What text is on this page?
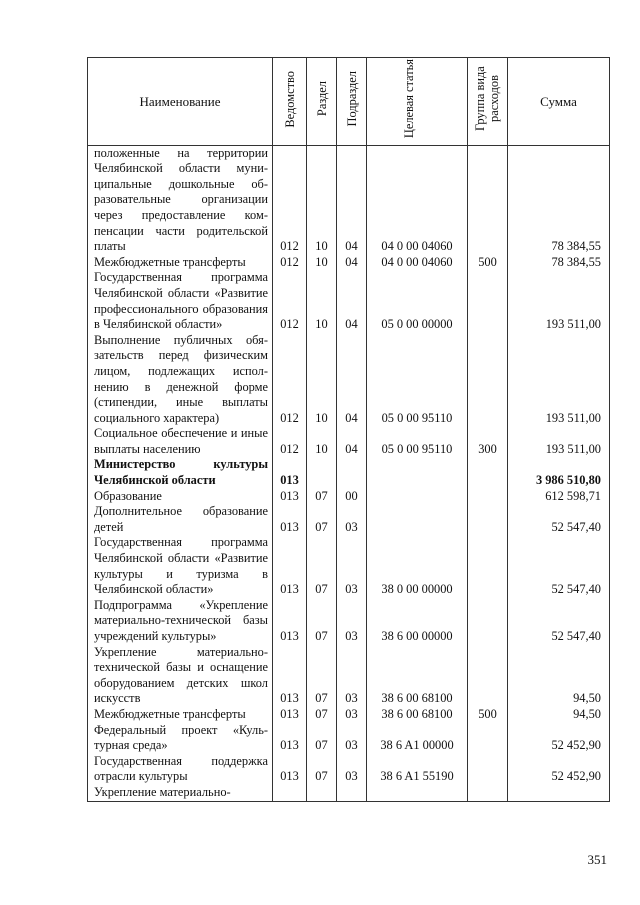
Наименование	Ведомство	Раздел	Подраздел	Целевая статья	Группа вида расходов	Сумма
положенные на территории Челябинской области муниципальные дошкольные образовательные организации через предоставление компенсации части родительской платы	012	10	04	04 0 00 04060		78 384,55
Межбюджетные трансферты	012	10	04	04 0 00 04060	500	78 384,55
Государственная программа Челябинской области «Развитие профессионального образования в Челябинской области»	012	10	04	05 0 00 00000		193 511,00
Выполнение публичных обязательств перед физическим лицом, подлежащих исполнению в денежной форме (стипендии, иные выплаты социального характера)	012	10	04	05 0 00 95110		193 511,00
Социальное обеспечение и иные выплаты населению	012	10	04	05 0 00 95110	300	193 511,00
Министерство культуры Челябинской области	013					3 986 510,80
Образование	013	07	00			612 598,71
Дополнительное образование детей	013	07	03			52 547,40
Государственная программа Челябинской области «Развитие культуры и туризма в Челябинской области»	013	07	03	38 0 00 00000		52 547,40
Подпрограмма «Укрепление материально-технической базы учреждений культуры»	013	07	03	38 6 00 00000		52 547,40
Укрепление материально-технической базы и оснащение оборудованием детских школ искусств	013	07	03	38 6 00 68100		94,50
Межбюджетные трансферты	013	07	03	38 6 00 68100	500	94,50
Федеральный проект «Культурная среда»	013	07	03	38 6 A1 00000		52 452,90
Государственная поддержка отрасли культуры	013	07	03	38 6 A1 55190		52 452,90
Укрепление материально-						
351
